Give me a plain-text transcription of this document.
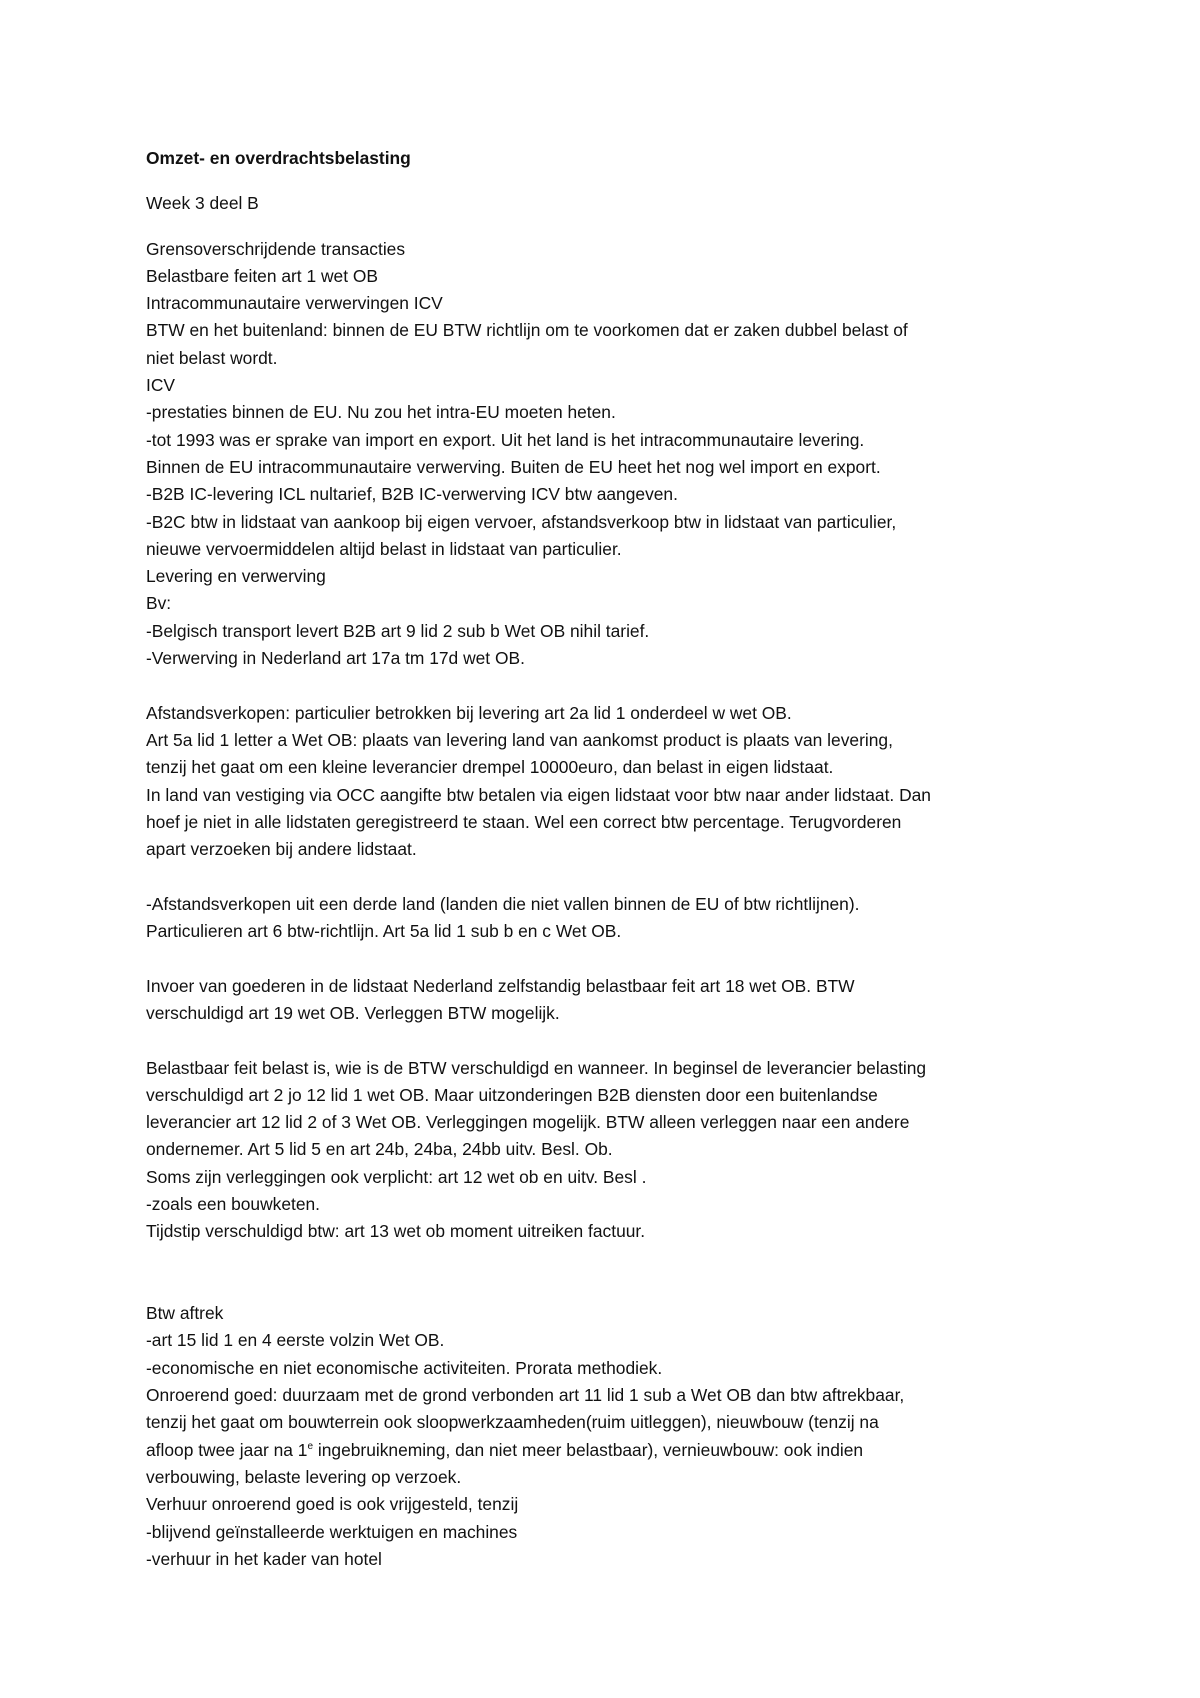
Omzet- en overdrachtsbelasting

Week 3 deel B

Grensoverschrijdende transacties

Belastbare feiten art 1 wet OB

Intracommunautaire verwervingen ICV

BTW en het buitenland: binnen de EU BTW richtlijn om te voorkomen dat er zaken dubbel belast of

niet belast wordt.

ICV

-prestaties binnen de EU. Nu zou het intra-EU moeten heten.

-tot 1993 was er sprake van import en export. Uit het land is het intracommunautaire levering.

Binnen de EU intracommunautaire verwerving. Buiten de EU heet het nog wel import en export.

-B2B IC-levering ICL nultarief, B2B IC-verwerving ICV btw aangeven.

-B2C btw in lidstaat van aankoop bij eigen vervoer, afstandsverkoop btw in lidstaat van particulier,

nieuwe vervoermiddelen altijd belast in lidstaat van particulier.

Levering en verwerving

Bv:

-Belgisch transport levert B2B art 9 lid 2 sub b Wet OB nihil tarief.

-Verwerving in Nederland art 17a tm 17d wet OB.

Afstandsverkopen: particulier betrokken bij levering art 2a lid 1 onderdeel w wet OB.

Art 5a lid 1 letter a Wet OB: plaats van levering land van aankomst product is plaats van levering,

tenzij het gaat om een kleine leverancier drempel 10000euro, dan belast in eigen lidstaat.

In land van vestiging via OCC aangifte btw betalen via eigen lidstaat voor btw naar ander lidstaat. Dan

hoef je niet in alle lidstaten geregistreerd te staan. Wel een correct btw percentage. Terugvorderen

apart verzoeken bij andere lidstaat.

-Afstandsverkopen uit een derde land (landen die niet vallen binnen de EU of btw richtlijnen).

Particulieren art 6 btw-richtlijn. Art 5a lid 1 sub b en c Wet OB.

Invoer van goederen in de lidstaat Nederland zelfstandig belastbaar feit art 18 wet OB. BTW

verschuldigd art 19 wet OB. Verleggen BTW mogelijk.

Belastbaar feit belast is, wie is de BTW verschuldigd en wanneer. In beginsel de leverancier belasting

verschuldigd art 2 jo 12 lid 1 wet OB. Maar uitzonderingen B2B diensten door een buitenlandse

leverancier art 12 lid 2 of 3 Wet OB. Verleggingen mogelijk. BTW alleen verleggen naar een andere

ondernemer. Art 5 lid 5 en art 24b, 24ba, 24bb uitv. Besl. Ob.

Soms zijn verleggingen ook verplicht: art 12 wet ob en uitv. Besl .

-zoals een bouwketen.

Tijdstip verschuldigd btw: art 13 wet ob moment uitreiken factuur.

Btw aftrek

-art 15 lid 1 en 4 eerste volzin Wet OB.

-economische en niet economische activiteiten. Prorata methodiek.

Onroerend goed: duurzaam met de grond verbonden art 11 lid 1 sub a Wet OB dan btw aftrekbaar,

tenzij het gaat om bouwterrein ook sloopwerkzaamheden(ruim uitleggen), nieuwbouw (tenzij na

afloop twee jaar na 1e ingebruikneming, dan niet meer belastbaar), vernieuwbouw: ook indien

verbouwing, belaste levering op verzoek.

Verhuur onroerend goed is ook vrijgesteld, tenzij

-blijvend geïnstalleerde werktuigen en machines

-verhuur in het kader van hotel
